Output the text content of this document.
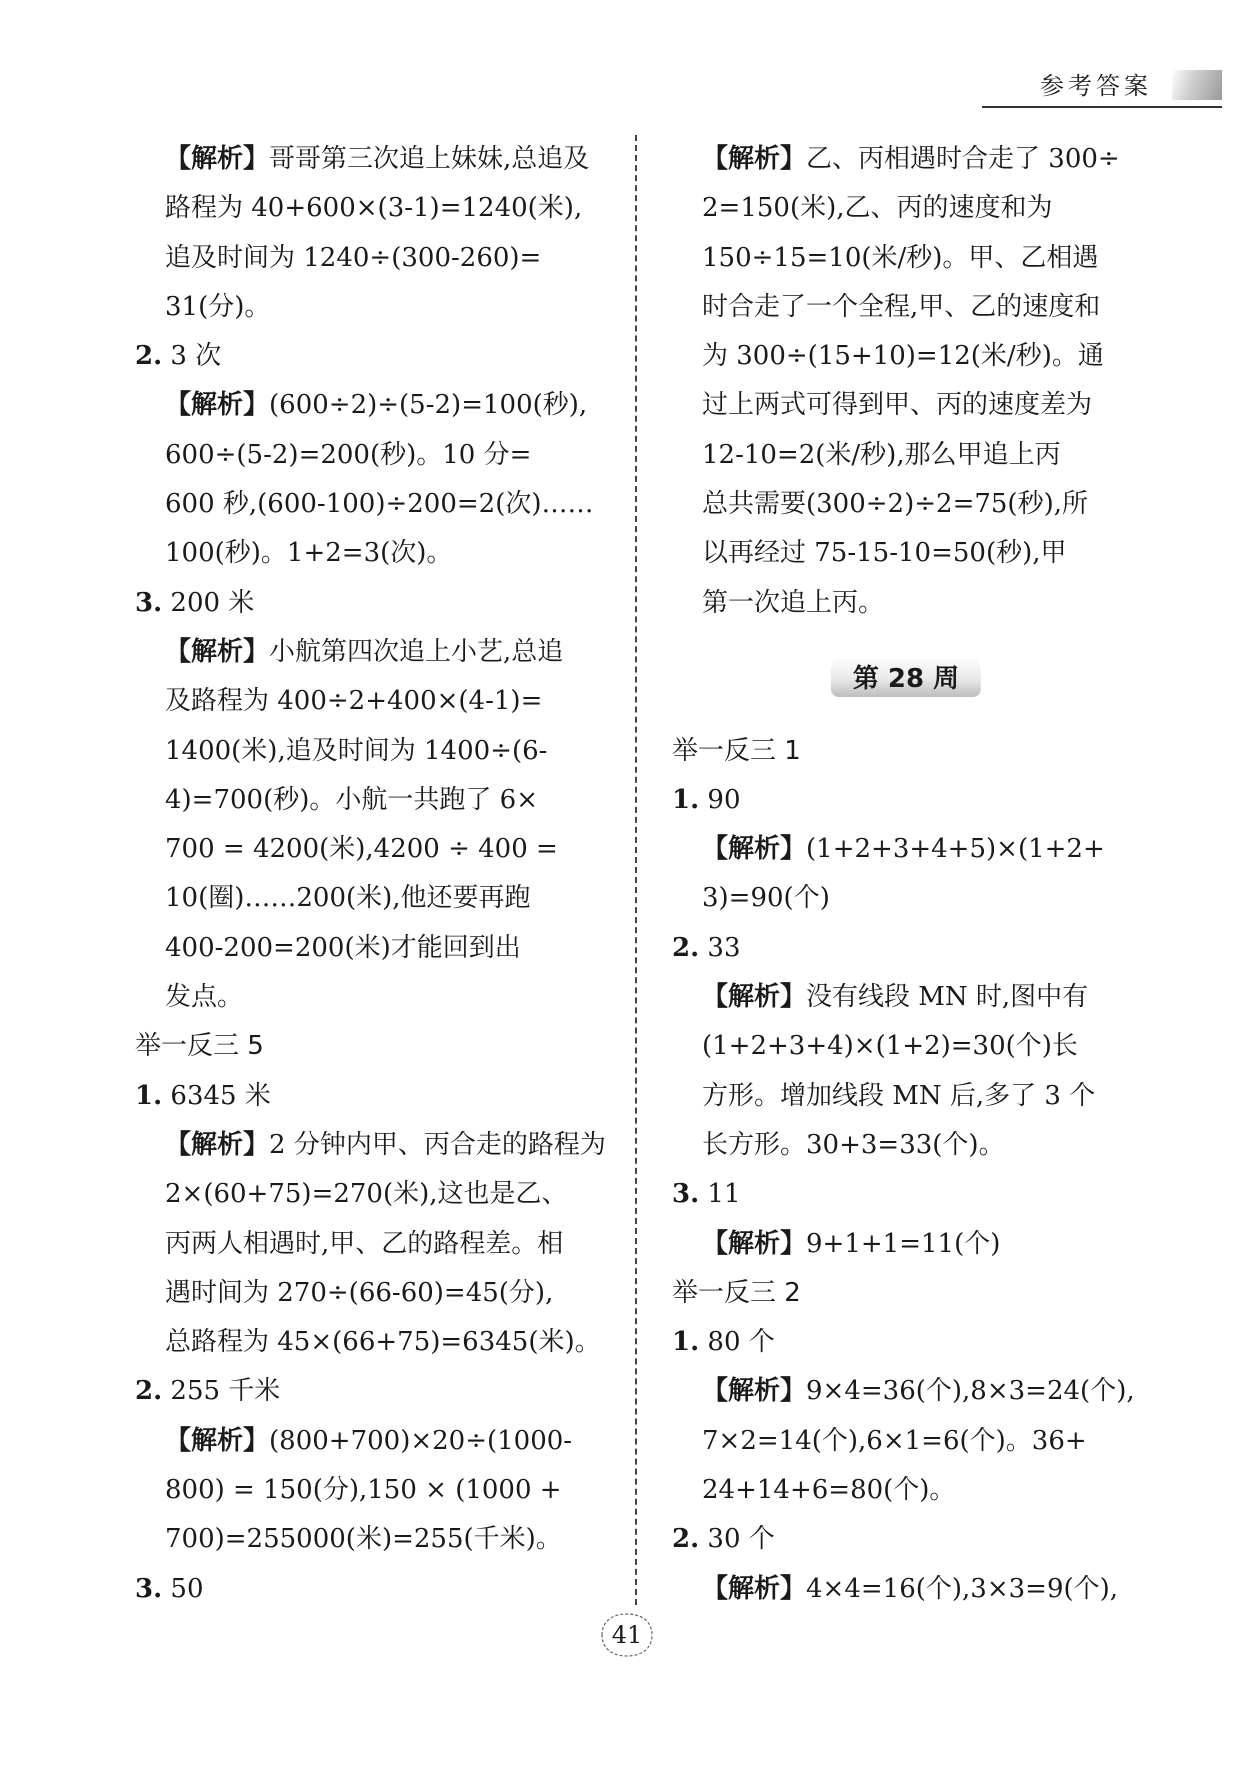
参考答案
【解析】哥哥第三次追上妹妹,总追及
路程为 40+600×(3-1)=1240(米),
追及时间为 1240÷(300-260)=
31(分)。
2. 3 次
【解析】(600÷2)÷(5-2)=100(秒),
600÷(5-2)=200(秒)。10 分=
600 秒,(600-100)÷200=2(次)……
100(秒)。1+2=3(次)。
3. 200 米
【解析】小航第四次追上小艺,总追
及路程为 400÷2+400×(4-1)=
1400(米),追及时间为 1400÷(6-
4)=700(秒)。小航一共跑了 6×
700 = 4200(米),4200 ÷ 400 =
10(圈)……200(米),他还要再跑
400-200=200(米)才能回到出
发点。
举一反三 5
1. 6345 米
【解析】2 分钟内甲、丙合走的路程为
2×(60+75)=270(米),这也是乙、
丙两人相遇时,甲、乙的路程差。相
遇时间为 270÷(66-60)=45(分),
总路程为 45×(66+75)=6345(米)。
2. 255 千米
【解析】(800+700)×20÷(1000-
800) = 150(分),150 × (1000 +
700)=255000(米)=255(千米)。
3. 50
【解析】乙、丙相遇时合走了 300÷
2=150(米),乙、丙的速度和为
150÷15=10(米/秒)。甲、乙相遇
时合走了一个全程,甲、乙的速度和
为 300÷(15+10)=12(米/秒)。通
过上两式可得到甲、丙的速度差为
12-10=2(米/秒),那么甲追上丙
总共需要(300÷2)÷2=75(秒),所
以再经过 75-15-10=50(秒),甲
第一次追上丙。
第 28 周
举一反三 1
1. 90
【解析】(1+2+3+4+5)×(1+2+
3)=90(个)
2. 33
【解析】没有线段 MN 时,图中有
(1+2+3+4)×(1+2)=30(个)长
方形。增加线段 MN 后,多了 3 个
长方形。30+3=33(个)。
3. 11
【解析】9+1+1=11(个)
举一反三 2
1. 80 个
【解析】9×4=36(个),8×3=24(个),
7×2=14(个),6×1=6(个)。36+
24+14+6=80(个)。
2. 30 个
【解析】4×4=16(个),3×3=9(个),
41
